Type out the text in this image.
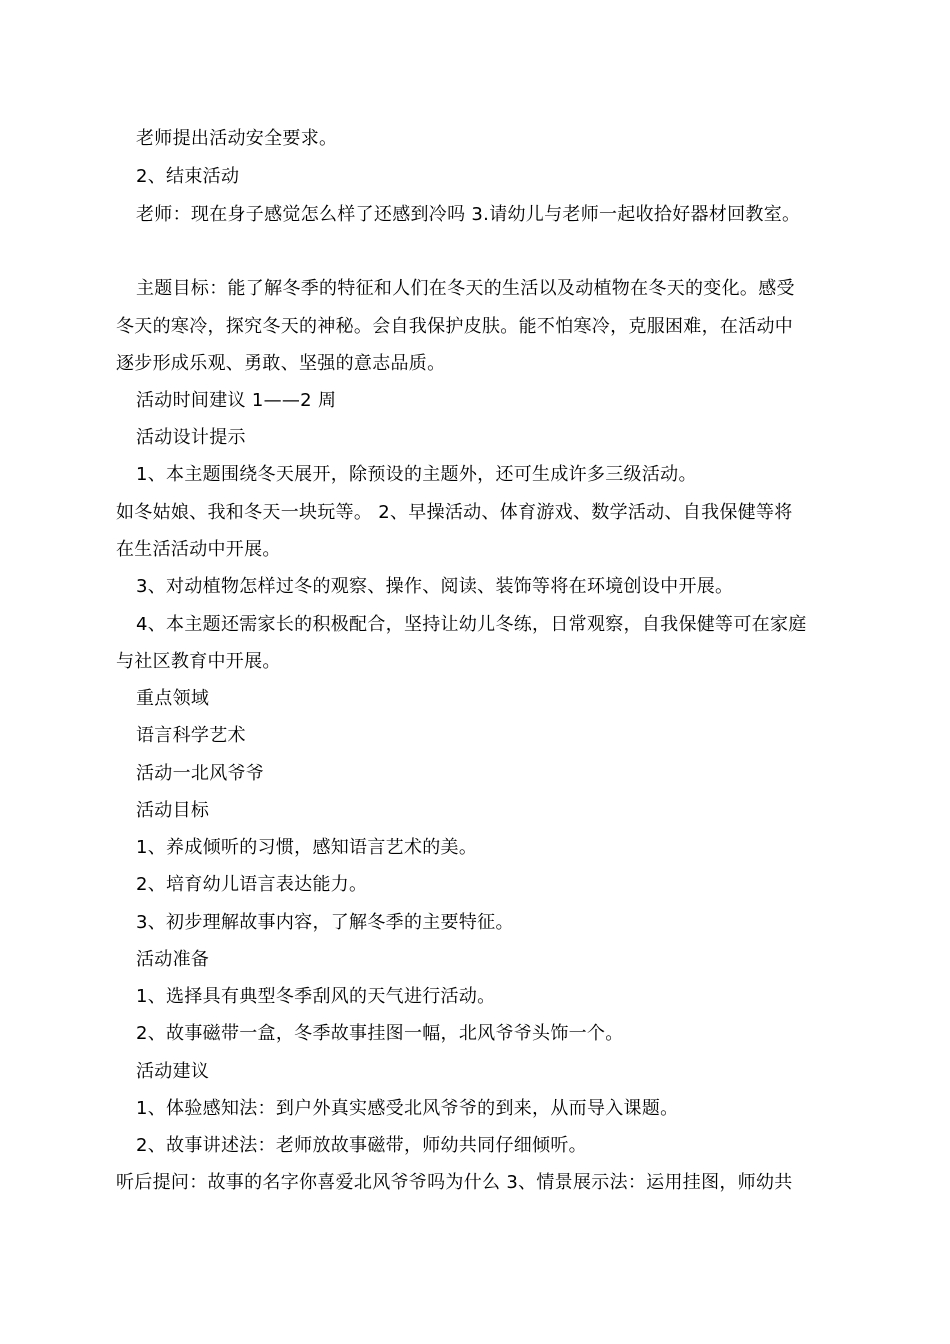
老师提出活动安全要求。
2、结束活动
老师：现在身子感觉怎么样了还感到冷吗 3.请幼儿与老师一起收拾好器材回教室。
主题目标：能了解冬季的特征和人们在冬天的生活以及动植物在冬天的变化。感受
冬天的寒冷，探究冬天的神秘。会自我保护皮肤。能不怕寒冷，克服困难，在活动中
逐步形成乐观、勇敢、坚强的意志品质。
活动时间建议 1——2 周
活动设计提示
1、本主题围绕冬天展开，除预设的主题外，还可生成许多三级活动。
如冬姑娘、我和冬天一块玩等。 2、早操活动、体育游戏、数学活动、自我保健等将
在生活活动中开展。
3、对动植物怎样过冬的观察、操作、阅读、装饰等将在环境创设中开展。
4、本主题还需家长的积极配合，坚持让幼儿冬练，日常观察，自我保健等可在家庭
与社区教育中开展。
重点领域
语言科学艺术
活动一北风爷爷
活动目标
1、养成倾听的习惯，感知语言艺术的美。
2、培育幼儿语言表达能力。
3、初步理解故事内容，了解冬季的主要特征。
活动准备
1、选择具有典型冬季刮风的天气进行活动。
2、故事磁带一盒，冬季故事挂图一幅，北风爷爷头饰一个。
活动建议
1、体验感知法：到户外真实感受北风爷爷的到来，从而导入课题。
2、故事讲述法：老师放故事磁带，师幼共同仔细倾听。
听后提问：故事的名字你喜爱北风爷爷吗为什么 3、情景展示法：运用挂图，师幼共
